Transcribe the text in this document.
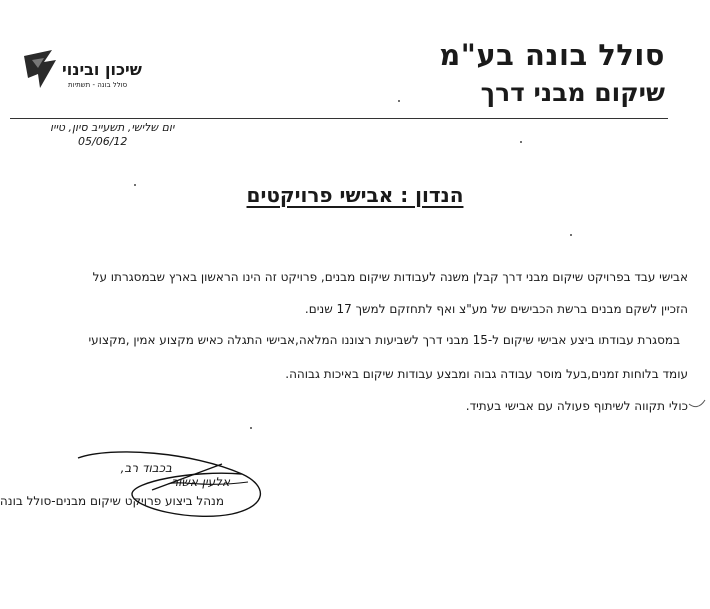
סולל בונה בע"מ
שיקום מבני דרך
שיכון ובינוי
סולל בונה - תשתיות
יום שלישי, תשעייב סיון, טייו
05/06/12
הנדון : אבישי פרויקטים
אבישי עבד בפרויקט שיקום מבני דרך קבלן משנה לעבודות שיקום מבנים, פרויקט זה הינו הראשון בארץ שבמסגרתו על
הזכיין לשקם מבנים ברשת הכבישים של מע"צ ואף לתחזקם למשך 17 שנים.
במסגרת עבודתו ביצע אבישי שיקום ל-15 מבני דרך לשביעות רצוננו המלאה,אבישי התגלה כאיש מקצוע אמין ,מקצועי
עומד בלוחות זמנים,בעל מוסר עבודה גבוה ומבצע עבודות שיקום באיכות גבוהה.
כולי תקווה לשיתוף פעולה עם אבישי בעתיד.
בכבוד רב,
אלעין אשור
מנהל ביצוע פרויקט שיקום מבנים-סולל בונה
